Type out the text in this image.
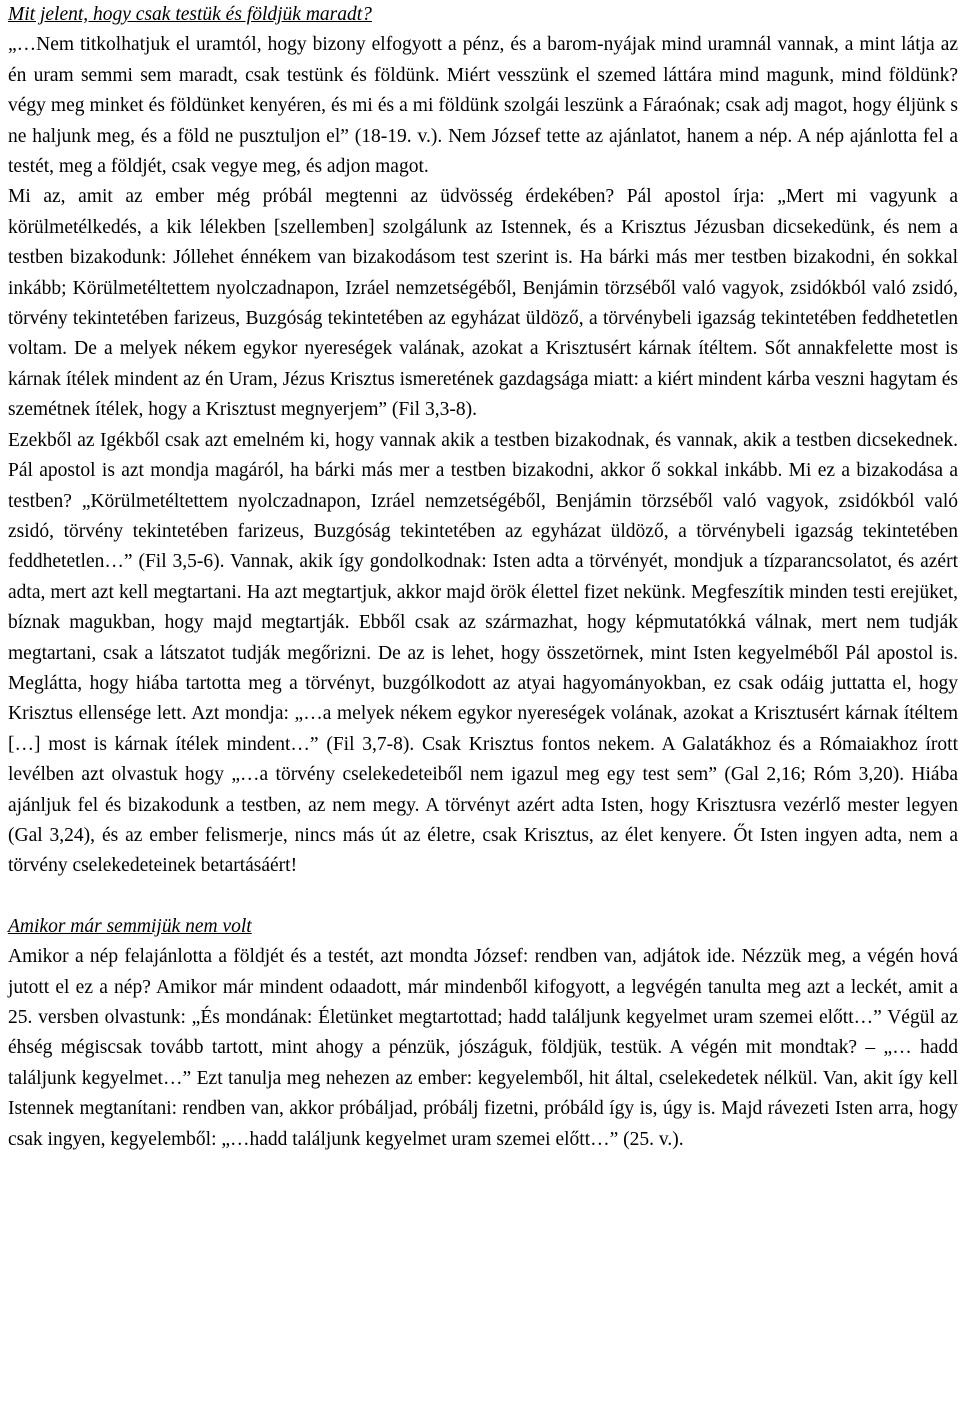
Mit jelent, hogy csak testük és földjük maradt?

„…Nem titkolhatjuk el uramtól, hogy bizony elfogyott a pénz, és a barom-nyájak mind uramnál vannak, a mint látja az én uram semmi sem maradt, csak testünk és földünk. Miért vesszünk el szemed láttára mind magunk, mind földünk? végy meg minket és földünket kenyéren, és mi és a mi földünk szolgái leszünk a Fáraónak; csak adj magot, hogy éljünk s ne haljunk meg, és a föld ne pusztuljon el” (18-19. v.). Nem József tette az ajánlatot, hanem a nép. A nép ajánlotta fel a testét, meg a földjét, csak vegye meg, és adjon magot.

Mi az, amit az ember még próbál megtenni az üdvösség érdekében? Pál apostol írja: „Mert mi vagyunk a körülmetélkedés, a kik lélekben [szellemben] szolgálunk az Istennek, és a Krisztus Jézusban dicsekedünk, és nem a testben bizakodunk: Jóllehet énnékem van bizakodásom test szerint is. Ha bárki más mer testben bizakodni, én sokkal inkább; Körülmetéltettem nyolczadnapon, Izráel nemzetségéből, Benjámin törzséből való vagyok, zsidókból való zsidó, törvény tekintetében farizeus, Buzgóság tekintetében az egyházat üldöző, a törvénybeli igazság tekintetében feddhetetlen voltam. De a melyek nékem egykor nyereségek valának, azokat a Krisztusért kárnak ítéltem. Sőt annakfelette most is kárnak ítélek mindent az én Uram, Jézus Krisztus ismeretének gazdagsága miatt: a kiért mindent kárba veszni hagytam és szemétnek ítélek, hogy a Krisztust megnyerjem” (Fil 3,3-8).

Ezekből az Igékből csak azt emelném ki, hogy vannak akik a testben bizakodnak, és vannak, akik a testben dicsekednek. Pál apostol is azt mondja magáról, ha bárki más mer a testben bizakodni, akkor ő sokkal inkább. Mi ez a bizakodása a testben? „Körülmetéltettem nyolczadnapon, Izráel nemzetségéből, Benjámin törzséből való vagyok, zsidókból való zsidó, törvény tekintetében farizeus, Buzgóság tekintetében az egyházat üldöző, a törvénybeli igazság tekintetében feddhetetlen…” (Fil 3,5-6). Vannak, akik így gondolkodnak: Isten adta a törvényét, mondjuk a tízparancsolatot, és azért adta, mert azt kell megtartani. Ha azt megtartjuk, akkor majd örök élettel fizet nekünk. Megfeszítik minden testi erejüket, bíznak magukban, hogy majd megtartják. Ebből csak az származhat, hogy képmutatókká válnak, mert nem tudják megtartani, csak a látszatot tudják megőrizni. De az is lehet, hogy összetörnek, mint Isten kegyelméből Pál apostol is. Meglátta, hogy hiába tartotta meg a törvényt, buzgólkodott az atyai hagyományokban, ez csak odáig juttatta el, hogy Krisztus ellensége lett. Azt mondja: „…a melyek nékem egykor nyereségek volának, azokat a Krisztusért kárnak ítéltem […] most is kárnak ítélek mindent…” (Fil 3,7-8). Csak Krisztus fontos nekem. A Galatákhoz és a Rómaiakhoz írott levélben azt olvastuk hogy „…a törvény cselekedeteiből nem igazul meg egy test sem” (Gal 2,16; Róm 3,20). Hiába ajánljuk fel és bizakodunk a testben, az nem megy. A törvényt azért adta Isten, hogy Krisztusra vezérlő mester legyen (Gal 3,24), és az ember felismerje, nincs más út az életre, csak Krisztus, az élet kenyere. Őt Isten ingyen adta, nem a törvény cselekedeteinek betartásáért!

Amikor már semmijük nem volt

Amikor a nép felajánlotta a földjét és a testét, azt mondta József: rendben van, adjátok ide. Nézzük meg, a végén hová jutott el ez a nép? Amikor már mindent odaadott, már mindenből kifogyott, a legvégén tanulta meg azt a leckét, amit a 25. versben olvastunk: „És mondának: Életünket megtartottad; hadd találjunk kegyelmet uram szemei előtt…” Végül az éhség mégiscsak tovább tartott, mint ahogy a pénzük, jószáguk, földjük, testük. A végén mit mondtak? – „… hadd találjunk kegyelmet…” Ezt tanulja meg nehezen az ember: kegyelemből, hit által, cselekedetek nélkül. Van, akit így kell Istennek megtanítani: rendben van, akkor próbáljad, próbálj fizetni, próbáld így is, úgy is. Majd rávezeti Isten arra, hogy csak ingyen, kegyelemből: „…hadd találjunk kegyelmet uram szemei előtt…” (25. v.).
